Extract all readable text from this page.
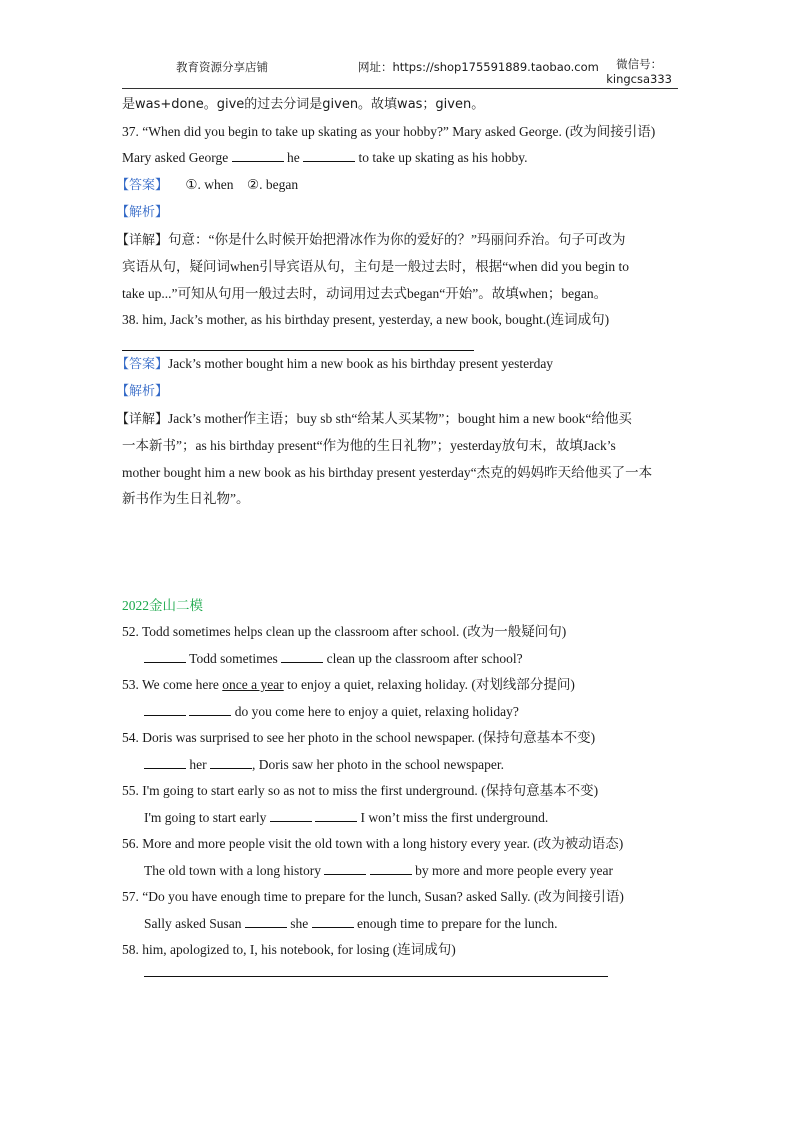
教育资源分享店铺	网址：https://shop175591889.taobao.com	微信号：
kingcsa333
是was+done。give的过去分词是given。故填was；given。
37. “When did you begin to take up skating as your hobby?” Mary asked George. (改为间接引语)
Mary asked George	he	to take up skating as his hobby.
【答案】 ①. when    ②. began
【解析】
【详解】句意：“你是什么时候开始把滑冰作为你的爱好的？”玛丽问乔治。句子可改为
宾语从句，疑问词when引导宾语从句，主句是一般过去时，根据“when did you begin to
take up...”可知从句用一般过去时，动词用过去式began“开始”。故填when；began。
38. him, Jack’s mother, as his birthday present, yesterday, a new book, bought.(连词成句)
【答案】Jack’s mother bought him a new book as his birthday present yesterday
【解析】
【详解】Jack’s mother作主语；buy sb sth“给某人买某物”；bought him a new book“给他买
一本新书”；as his birthday present“作为他的生日礼物”；yesterday放句末，故填Jack’s
mother bought him a new book as his birthday present yesterday“杰克的妈妈昨天给他买了一本
新书作为生日礼物”。
2022金山二模
52. Todd sometimes helps clean up the classroom after school. (改为一般疑问句)
Todd sometimes	clean up the classroom after school?
53. We come here once a year to enjoy a quiet, relaxing holiday. (对划线部分提问)
do you come here to enjoy a quiet, relaxing holiday?
54. Doris was surprised to see her photo in the school newspaper. (保持句意基本不变)
her	, Doris saw her photo in the school newspaper.
55. I'm going to start early so as not to miss the first underground. (保持句意基本不变)
I'm going to start early	I won’t miss the first underground.
56. More and more people visit the old town with a long history every year. (改为被动语态)
The old town with a long history	by more and more people every year
57. “Do you have enough time to prepare for the lunch, Susan? asked Sally. (改为间接引语)
Sally asked Susan	she	enough time to prepare for the lunch.
58. him, apologized to, I, his notebook, for losing (连词成句)
